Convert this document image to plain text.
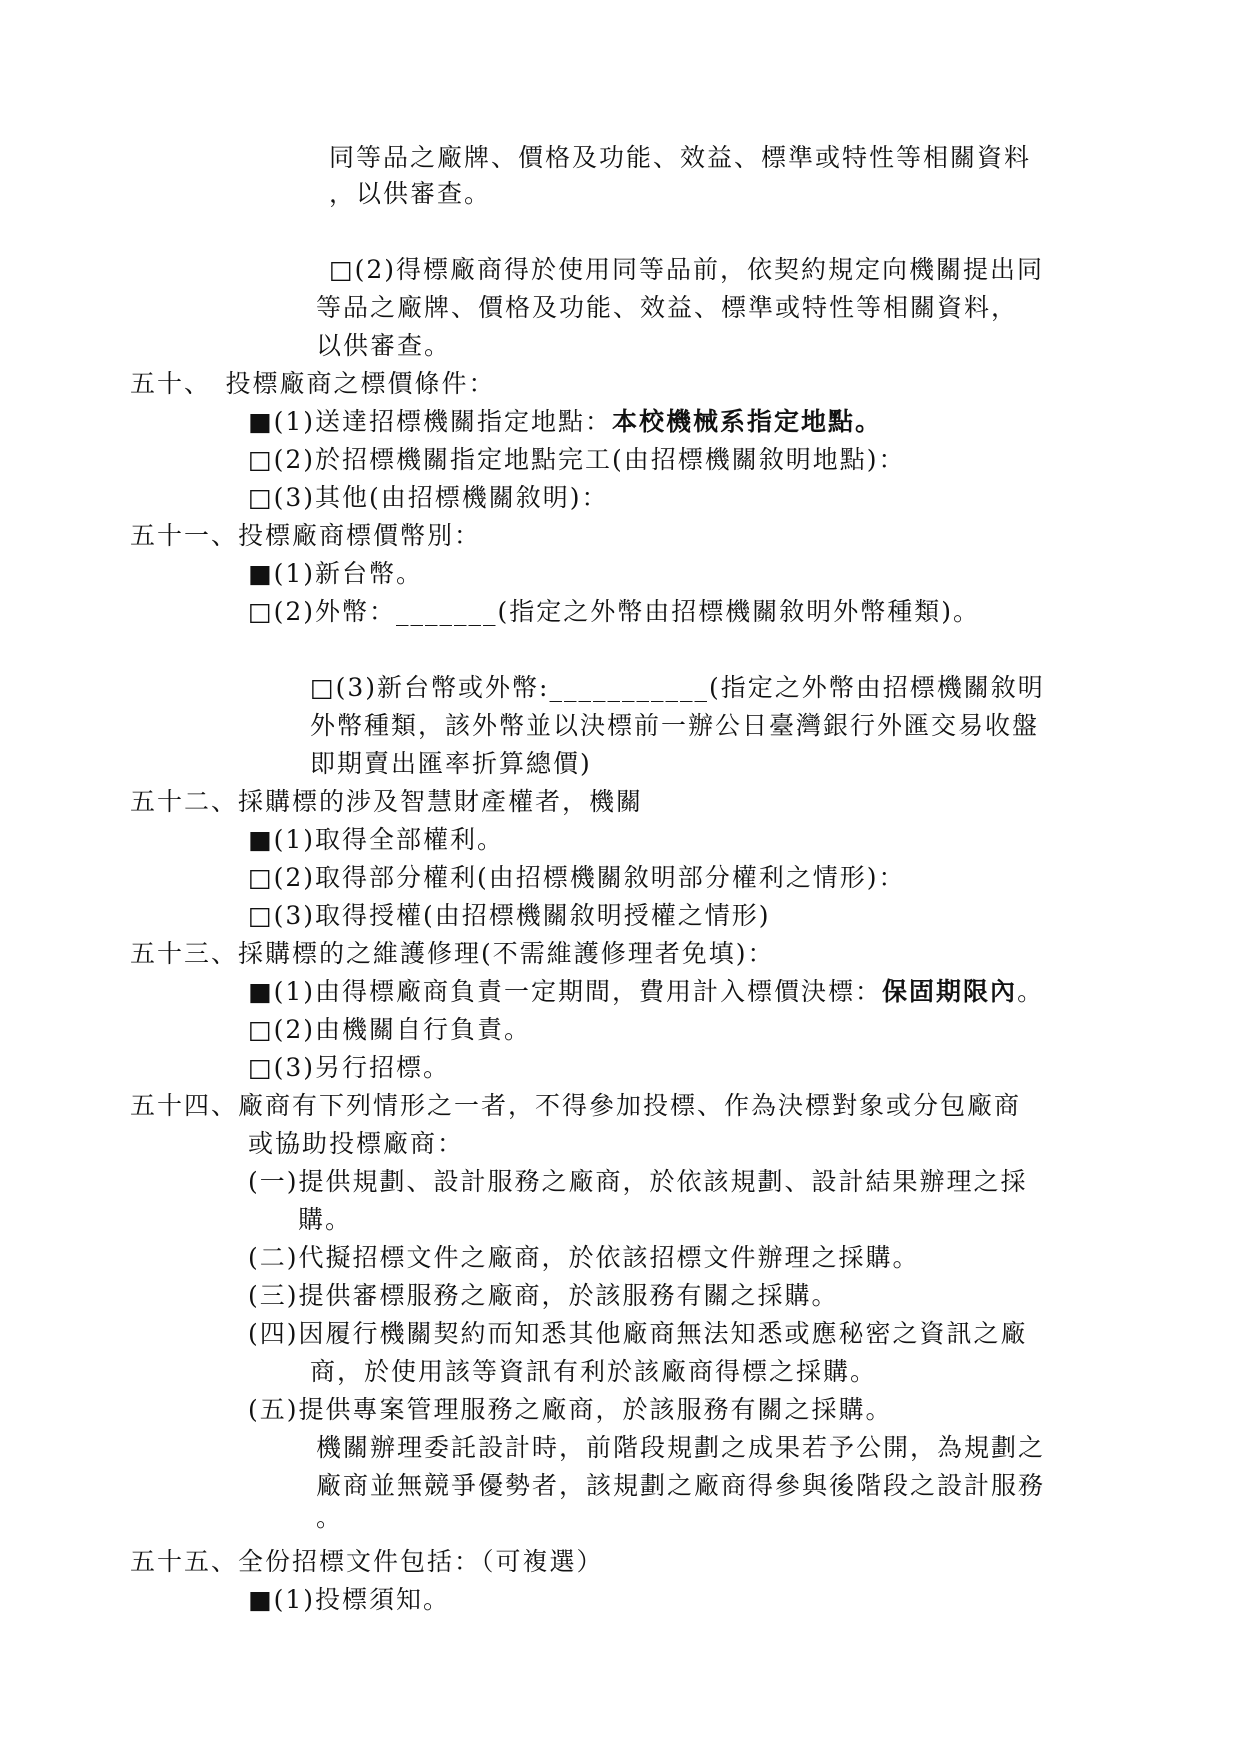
同等品之廠牌、價格及功能、效益、標準或特性等相關資料
，以供審查。
□(2)得標廠商得於使用同等品前，依契約規定向機關提出同
等品之廠牌、價格及功能、效益、標準或特性等相關資料，
以供審查。
五十、　投標廠商之標價條件：
■(1)送達招標機關指定地點：本校機械系指定地點。
□(2)於招標機關指定地點完工(由招標機關敘明地點)：
□(3)其他(由招標機關敘明)：
五十一、投標廠商標價幣別：
■(1)新台幣。
□(2)外幣：_______(指定之外幣由招標機關敘明外幣種類)。
□(3)新台幣或外幣:___________(指定之外幣由招標機關敘明
外幣種類，該外幣並以決標前一辦公日臺灣銀行外匯交易收盤
即期賣出匯率折算總價)
五十二、採購標的涉及智慧財產權者，機關
■(1)取得全部權利。
□(2)取得部分權利(由招標機關敘明部分權利之情形)：
□(3)取得授權(由招標機關敘明授權之情形)
五十三、採購標的之維護修理(不需維護修理者免填)：
■(1)由得標廠商負責一定期間，費用計入標價決標：保固期限內。
□(2)由機關自行負責。
□(3)另行招標。
五十四、廠商有下列情形之一者，不得參加投標、作為決標對象或分包廠商
或協助投標廠商：
(一)提供規劃、設計服務之廠商，於依該規劃、設計結果辦理之採
購。
(二)代擬招標文件之廠商，於依該招標文件辦理之採購。
(三)提供審標服務之廠商，於該服務有關之採購。
(四)因履行機關契約而知悉其他廠商無法知悉或應秘密之資訊之廠
商，於使用該等資訊有利於該廠商得標之採購。
(五)提供專案管理服務之廠商，於該服務有關之採購。
機關辦理委託設計時，前階段規劃之成果若予公開，為規劃之
廠商並無競爭優勢者，該規劃之廠商得參與後階段之設計服務
。
五十五、全份招標文件包括：（可複選）
■(1)投標須知。
